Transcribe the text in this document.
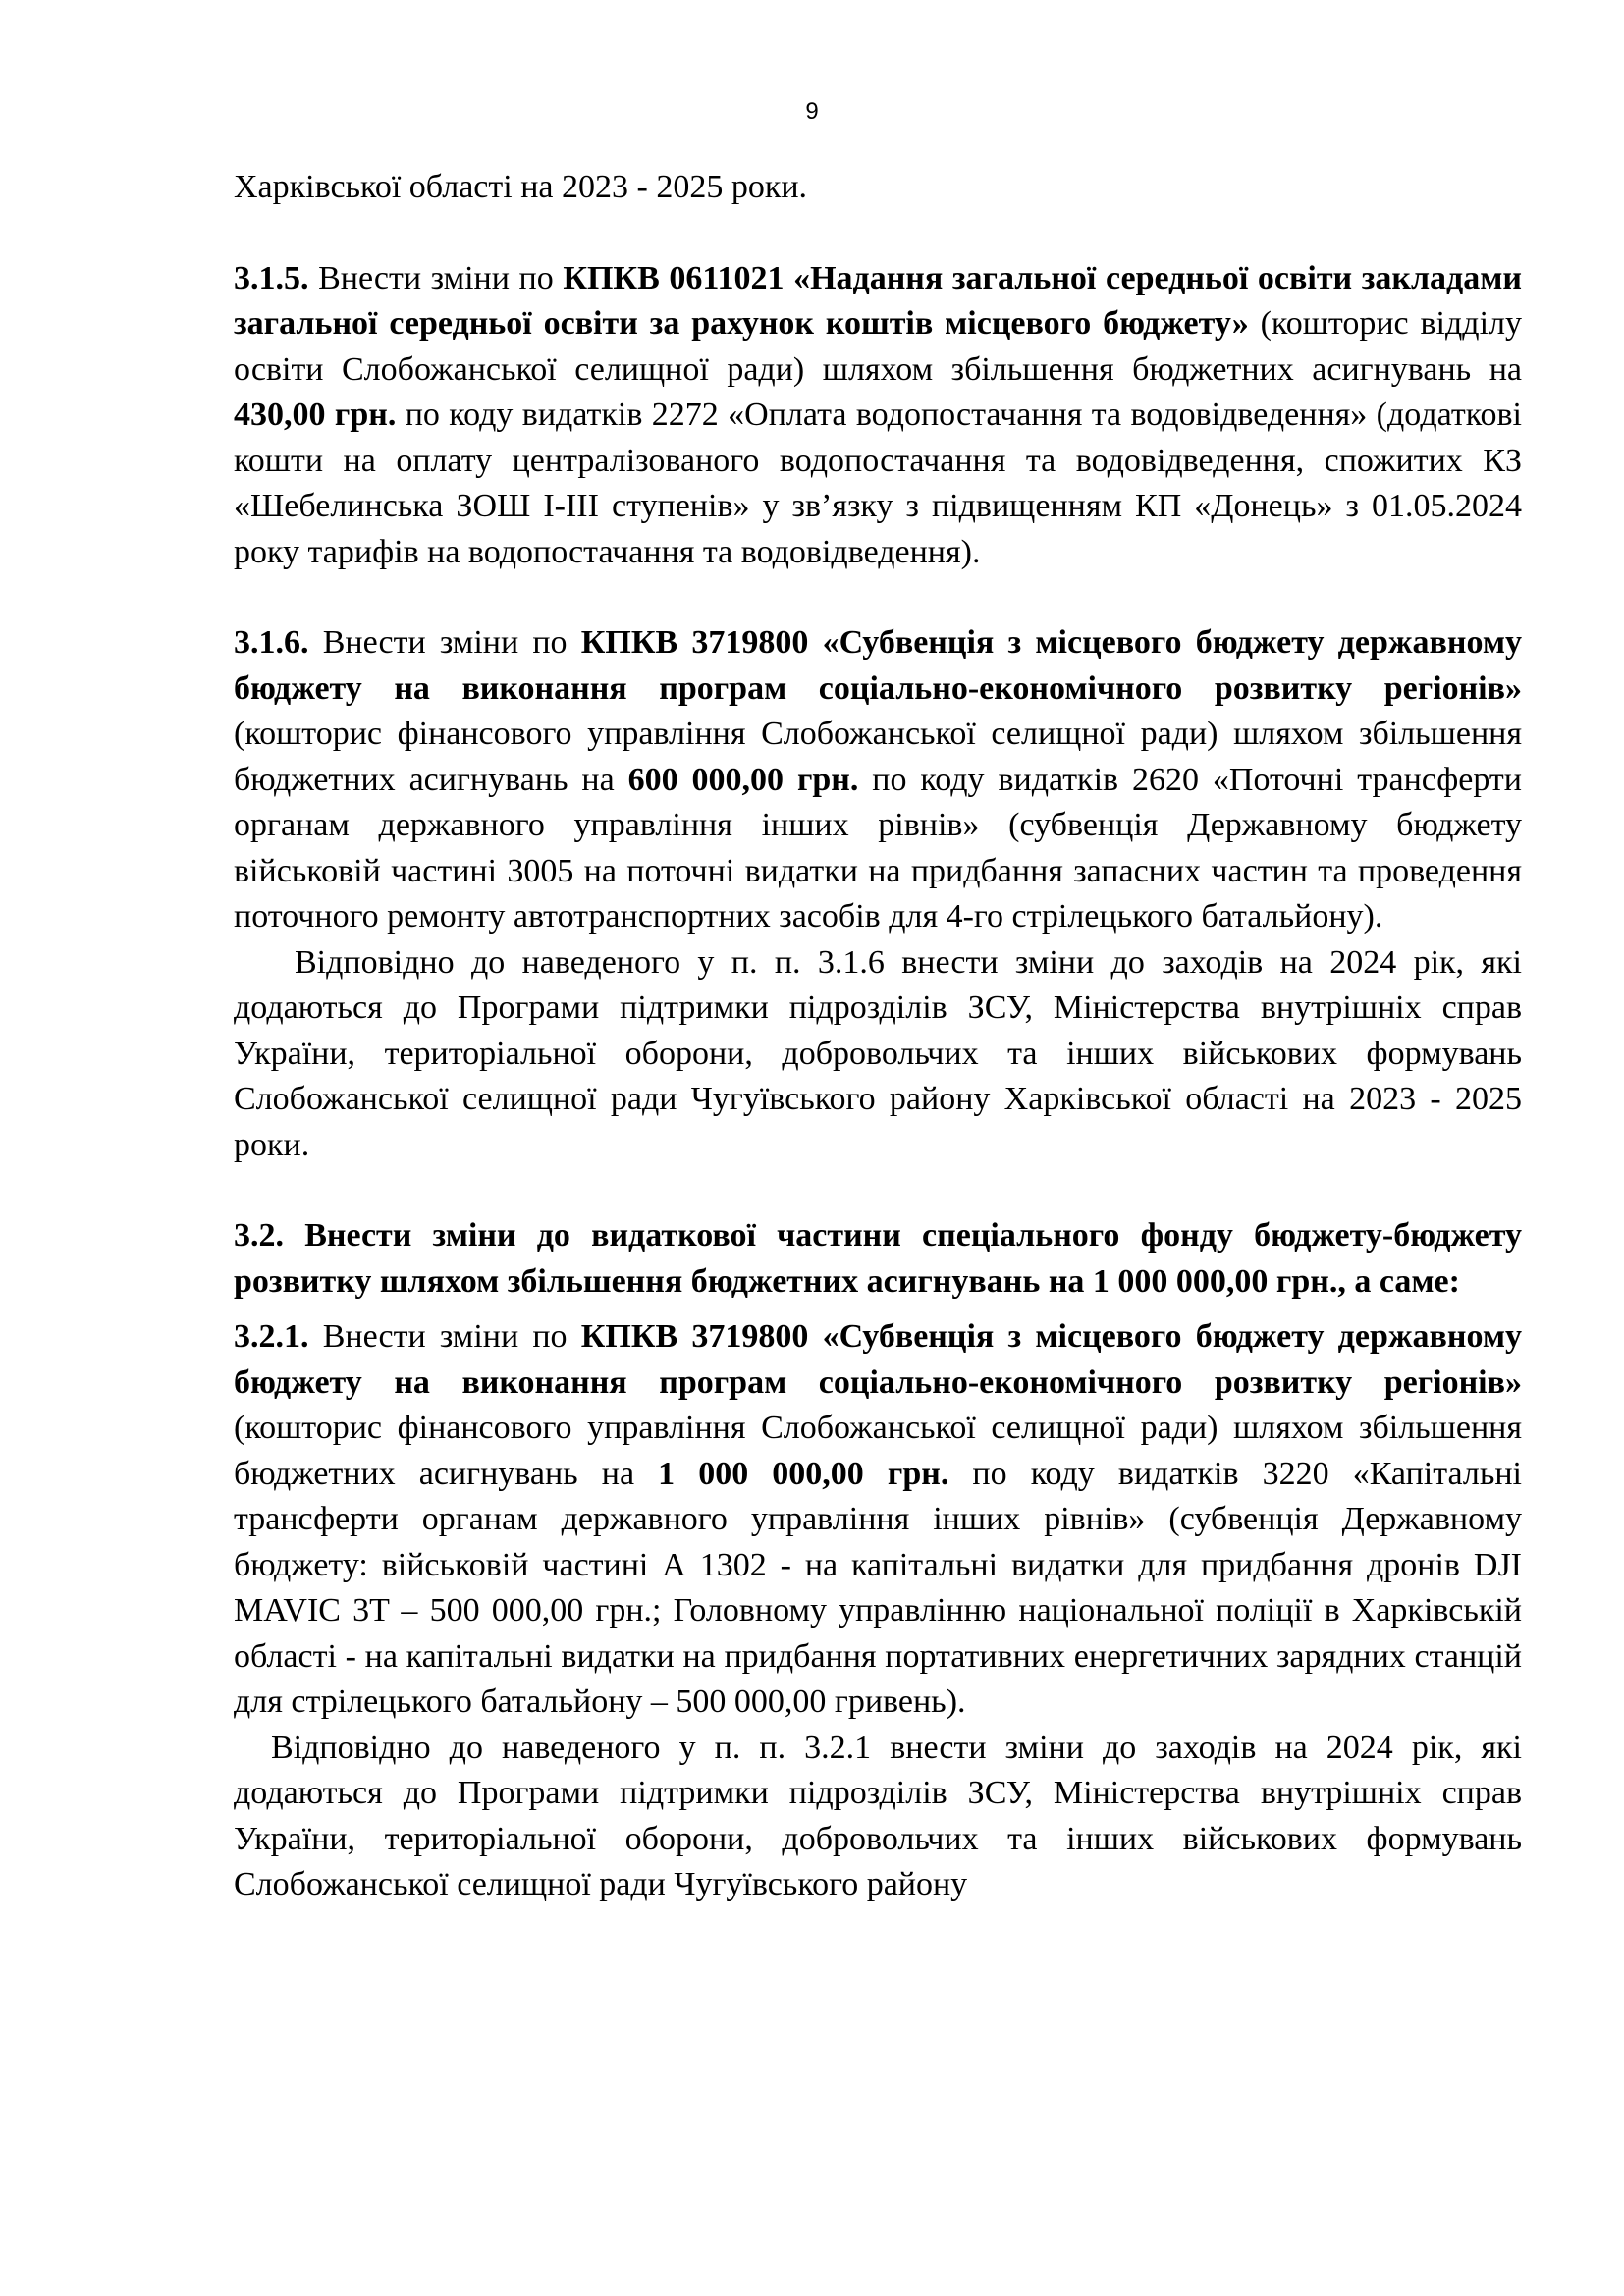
9

Харківської області на 2023 - 2025 роки.

3.1.5. Внести зміни по КПКВ 0611021 «Надання загальної середньої освіти закладами загальної середньої освіти за рахунок коштів місцевого бюджету» (кошторис відділу освіти Слобожанської селищної ради) шляхом збільшення бюджетних асигнувань на 430,00 грн. по коду видатків 2272 «Оплата водопостачання та водовідведення» (додаткові кошти на оплату централізованого водопостачання та водовідведення, спожитих КЗ «Шебелинська ЗОШ І-ІІІ ступенів» у зв’язку з підвищенням КП «Донець» з 01.05.2024 року тарифів на водопостачання та водовідведення).

3.1.6. Внести зміни по КПКВ 3719800 «Субвенція з місцевого бюджету державному бюджету на виконання програм соціально-економічного розвитку регіонів» (кошторис фінансового управління Слобожанської селищної ради) шляхом збільшення бюджетних асигнувань на 600 000,00 грн. по коду видатків 2620 «Поточні трансферти органам державного управління інших рівнів» (субвенція Державному бюджету військовій частині 3005 на поточні видатки на придбання запасних частин та проведення поточного ремонту автотранспортних засобів для 4-го стрілецького батальйону).

Відповідно до наведеного у п. п. 3.1.6 внести зміни до заходів на 2024 рік, які додаються до Програми підтримки підрозділів ЗСУ, Міністерства внутрішніх справ України, територіальної оборони, добровольчих та інших військових формувань Слобожанської селищної ради Чугуївського району Харківської області на 2023 - 2025 роки.

3.2. Внести зміни до видаткової частини спеціального фонду бюджету-бюджету розвитку шляхом збільшення бюджетних асигнувань на 1 000 000,00 грн., а саме:

3.2.1. Внести зміни по КПКВ 3719800 «Субвенція з місцевого бюджету державному бюджету на виконання програм соціально-економічного розвитку регіонів» (кошторис фінансового управління Слобожанської селищної ради) шляхом збільшення бюджетних асигнувань на 1 000 000,00 грн. по коду видатків 3220 «Капітальні трансферти органам державного управління інших рівнів» (субвенція Державному бюджету: військовій частині А 1302 - на капітальні видатки для придбання дронів DJI MAVIC 3T – 500 000,00 грн.; Головному управлінню національної поліції в Харківській області - на капітальні видатки на придбання портативних енергетичних зарядних станцій для стрілецького батальйону – 500 000,00 гривень).

Відповідно до наведеного у п. п. 3.2.1 внести зміни до заходів на 2024 рік, які додаються до Програми підтримки підрозділів ЗСУ, Міністерства внутрішніх справ України, територіальної оборони, добровольчих та інших військових формувань Слобожанської селищної ради Чугуївського району
